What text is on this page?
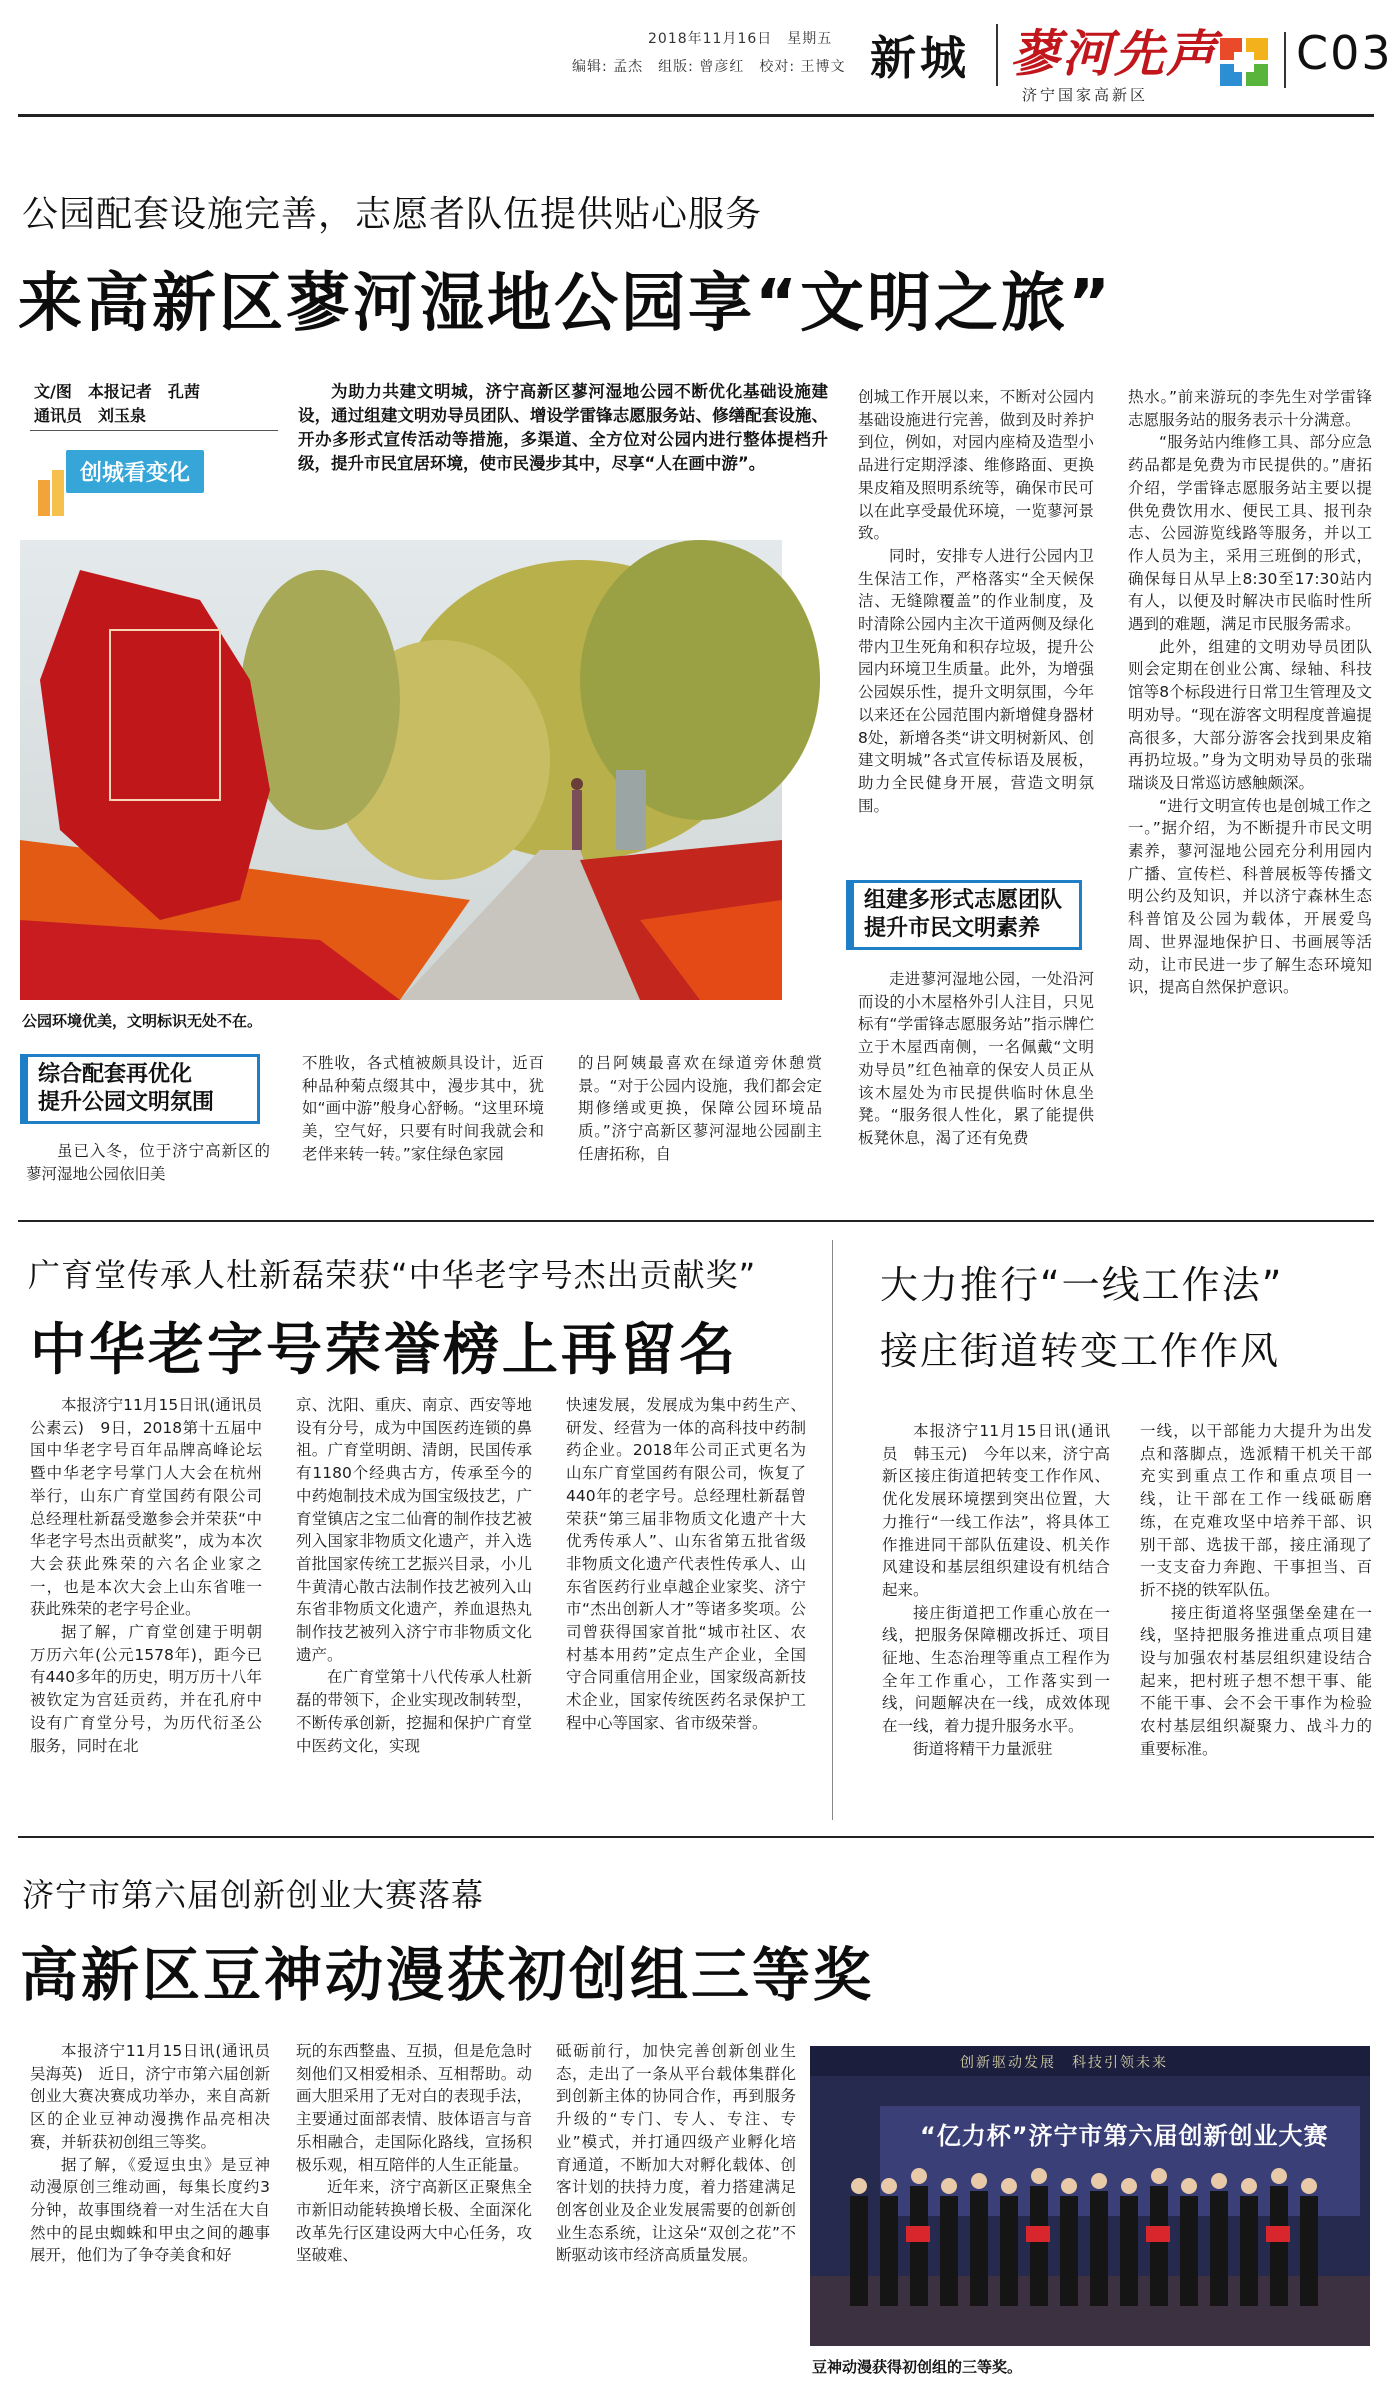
2018年11月16日　星期五
编辑: 孟杰　组版: 曾彦红　校对: 王博文 新城 蓼河先声
济宁国家高新区
C03
公园配套设施完善，志愿者队伍提供贴心服务
来高新区蓼河湿地公园享“文明之旅”
文/图　本报记者　孔茜
通讯员　刘玉泉
创城看变化
为助力共建文明城，济宁高新区蓼河湿地公园不断优化基础设施建设，通过组建文明劝导员团队、增设学雷锋志愿服务站、修缮配套设施、开办多形式宣传活动等措施，多渠道、全方位对公园内进行整体提档升级，提升市民宜居环境，使市民漫步其中，尽享“人在画中游”。
公园环境优美，文明标识无处不在。
综合配套再优化
提升公园文明氛围
虽已入冬，位于济宁高新区的蓼河湿地公园依旧美
不胜收，各式植被颇具设计，近百种品种菊点缀其中，漫步其中，犹如“画中游”般身心舒畅。“这里环境美，空气好，只要有时间我就会和老伴来转一转。”家住绿色家园
的吕阿姨最喜欢在绿道旁休憩赏景。“对于公园内设施，我们都会定期修缮或更换，保障公园环境品质。”济宁高新区蓼河湿地公园副主任唐拓称，自
创城工作开展以来，不断对公园内基础设施进行完善，做到及时养护到位，例如，对园内座椅及造型小品进行定期浮漆、维修路面、更换果皮箱及照明系统等，确保市民可以在此享受最优环境，一览蓼河景致。
同时，安排专人进行公园内卫生保洁工作，严格落实“全天候保洁、无缝隙覆盖”的作业制度，及时清除公园内主次干道两侧及绿化带内卫生死角和积存垃圾，提升公园内环境卫生质量。此外，为增强公园娱乐性，提升文明氛围，今年以来还在公园范围内新增健身器材8处，新增各类“讲文明树新风、创建文明城”各式宣传标语及展板，助力全民健身开展，营造文明氛围。
组建多形式志愿团队
提升市民文明素养
走进蓼河湿地公园，一处沿河而设的小木屋格外引人注目，只见标有“学雷锋志愿服务站”指示牌伫立于木屋西南侧，一名佩戴“文明劝导员”红色袖章的保安人员正从该木屋处为市民提供临时休息坐凳。“服务很人性化，累了能提供板凳休息，渴了还有免费
热水。”前来游玩的李先生对学雷锋志愿服务站的服务表示十分满意。
“服务站内维修工具、部分应急药品都是免费为市民提供的。”唐拓介绍，学雷锋志愿服务站主要以提供免费饮用水、便民工具、报刊杂志、公园游览线路等服务，并以工作人员为主，采用三班倒的形式，确保每日从早上8:30至17:30站内有人，以便及时解决市民临时性所遇到的难题，满足市民服务需求。
此外，组建的文明劝导员团队则会定期在创业公寓、绿轴、科技馆等8个标段进行日常卫生管理及文明劝导。“现在游客文明程度普遍提高很多，大部分游客会找到果皮箱再扔垃圾。”身为文明劝导员的张瑞瑞谈及日常巡访感触颇深。
“进行文明宣传也是创城工作之一。”据介绍，为不断提升市民文明素养，蓼河湿地公园充分利用园内广播、宣传栏、科普展板等传播文明公约及知识，并以济宁森林生态科普馆及公园为载体，开展爱鸟周、世界湿地保护日、书画展等活动，让市民进一步了解生态环境知识，提高自然保护意识。
广育堂传承人杜新磊荣获“中华老字号杰出贡献奖”
中华老字号荣誉榜上再留名
本报济宁11月15日讯(通讯员　公素云)　9日，2018第十五届中国中华老字号百年品牌高峰论坛暨中华老字号掌门人大会在杭州举行，山东广育堂国药有限公司总经理杜新磊受邀参会并荣获“中华老字号杰出贡献奖”，成为本次大会获此殊荣的六名企业家之一，也是本次大会上山东省唯一获此殊荣的老字号企业。
据了解，广育堂创建于明朝万历六年(公元1578年)，距今已有440多年的历史，明万历十八年被钦定为宫廷贡药，并在孔府中设有广育堂分号，为历代衍圣公服务，同时在北
京、沈阳、重庆、南京、西安等地设有分号，成为中国医药连锁的鼻祖。广育堂明朗、清朗，民国传承有1180个经典古方，传承至今的中药炮制技术成为国宝级技艺，广育堂镇店之宝二仙膏的制作技艺被列入国家非物质文化遗产，并入选首批国家传统工艺振兴目录，小儿牛黄清心散古法制作技艺被列入山东省非物质文化遗产，养血退热丸制作技艺被列入济宁市非物质文化遗产。
在广育堂第十八代传承人杜新磊的带领下，企业实现改制转型，不断传承创新，挖掘和保护广育堂中医药文化，实现
快速发展，发展成为集中药生产、研发、经营为一体的高科技中药制药企业。2018年公司正式更名为山东广育堂国药有限公司，恢复了440年的老字号。总经理杜新磊曾荣获“第三届非物质文化遗产十大优秀传承人”、山东省第五批省级非物质文化遗产代表性传承人、山东省医药行业卓越企业家奖、济宁市“杰出创新人才”等诸多奖项。公司曾获得国家首批“城市社区、农村基本用药”定点生产企业，全国守合同重信用企业，国家级高新技术企业，国家传统医药名录保护工程中心等国家、省市级荣誉。
大力推行“一线工作法”
接庄街道转变工作作风
本报济宁11月15日讯(通讯员　韩玉元)　今年以来，济宁高新区接庄街道把转变工作作风、优化发展环境摆到突出位置，大力推行“一线工作法”，将具体工作推进同干部队伍建设、机关作风建设和基层组织建设有机结合起来。
接庄街道把工作重心放在一线，把服务保障棚改拆迁、项目征地、生态治理等重点工程作为全年工作重心，工作落实到一线，问题解决在一线，成效体现在一线，着力提升服务水平。
街道将精干力量派驻
一线，以干部能力大提升为出发点和落脚点，选派精干机关干部充实到重点工作和重点项目一线，让干部在工作一线砥砺磨练，在克难攻坚中培养干部、识别干部、选拔干部，接庄涌现了一支支奋力奔跑、干事担当、百折不挠的铁军队伍。
接庄街道将坚强堡垒建在一线，坚持把服务推进重点项目建设与加强农村基层组织建设结合起来，把村班子想不想干事、能不能干事、会不会干事作为检验农村基层组织凝聚力、战斗力的重要标准。
济宁市第六届创新创业大赛落幕
高新区豆神动漫获初创组三等奖
本报济宁11月15日讯(通讯员　吴海英)　近日，济宁市第六届创新创业大赛决赛成功举办，来自高新区的企业豆神动漫携作品亮相决赛，并斩获初创组三等奖。
据了解，《爱逗虫虫》是豆神动漫原创三维动画，每集长度约3分钟，故事围绕着一对生活在大自然中的昆虫蜘蛛和甲虫之间的趣事展开，他们为了争夺美食和好
玩的东西整蛊、互损，但是危急时刻他们又相爱相杀、互相帮助。动画大胆采用了无对白的表现手法，主要通过面部表情、肢体语言与音乐相融合，走国际化路线，宣扬积极乐观，相互陪伴的人生正能量。
近年来，济宁高新区正聚焦全市新旧动能转换增长极、全面深化改革先行区建设两大中心任务，攻坚破难、
砥砺前行，加快完善创新创业生态，走出了一条从平台载体集群化到创新主体的协同合作，再到服务升级的“专门、专人、专注、专业”模式，并打通四级产业孵化培育通道，不断加大对孵化载体、创客计划的扶持力度，着力搭建满足创客创业及企业发展需要的创新创业生态系统，让这朵“双创之花”不断驱动该市经济高质量发展。
创新驱动发展　科技引领未来
“亿力杯”济宁市第六届创新创业大赛
豆神动漫获得初创组的三等奖。
